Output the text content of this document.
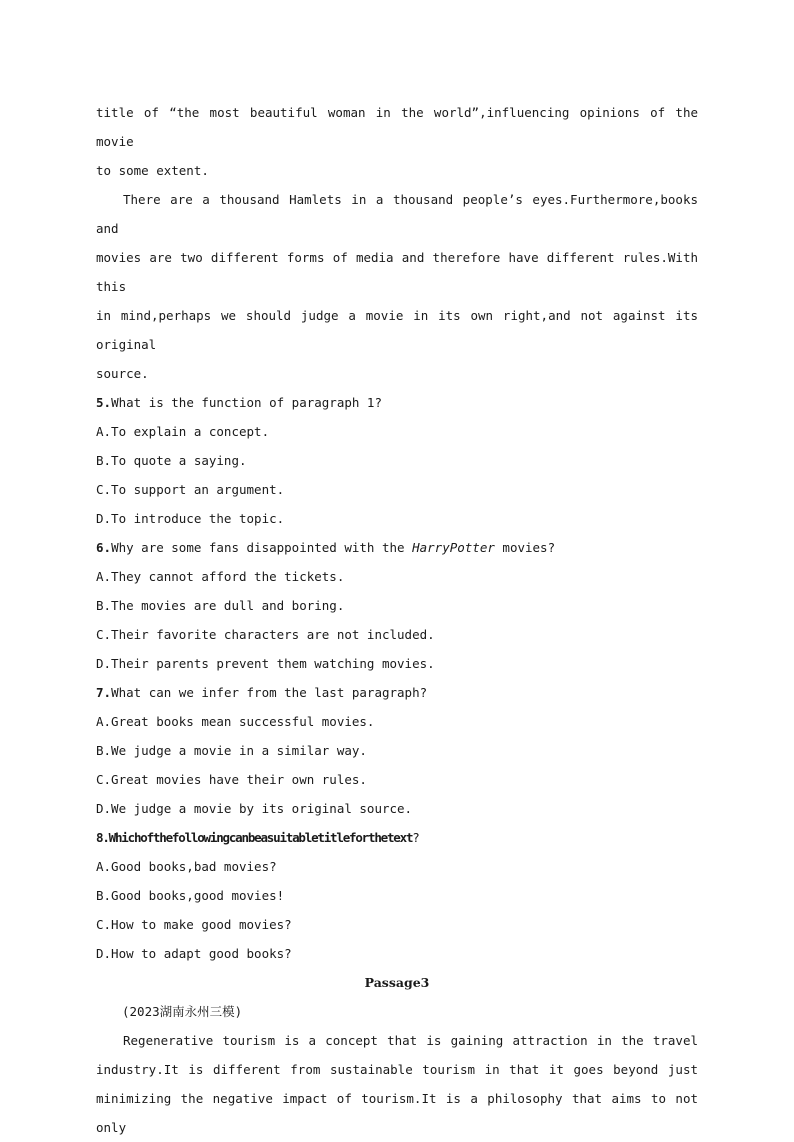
title of “the most beautiful woman in the world”,influencing opinions of the movie

to some extent.

There are a thousand Hamlets in a thousand people’s eyes.Furthermore,books and

movies are two different forms of media and therefore have different rules.With this

in mind,perhaps we should judge a movie in its own right,and not against its original

source.

5.What is the function of paragraph 1?

A.To explain a concept.

B.To quote a saying.

C.To support an argument.

D.To introduce the topic.

6.Why are some fans disappointed with the HarryPotter movies?

A.They cannot afford the tickets.

B.The movies are dull and boring.

C.Their favorite characters are not included.

D.Their parents prevent them watching movies.

7.What can we infer from the last paragraph?

A.Great books mean successful movies.

B.We judge a movie in a similar way.

C.Great movies have their own rules.

D.We judge a movie by its original source.

8.Whichofthefollowingcanbeasuitabletitleforthetext?

A.Good books,bad movies?

B.Good books,good movies!

C.How to make good movies?

D.How to adapt good books?

Passage3

(2023湖南永州三模)

Regenerative tourism is a concept that is gaining attraction in the travel

industry.It is different from sustainable tourism in that it goes beyond just

minimizing the negative impact of tourism.It is a philosophy that aims to not only
